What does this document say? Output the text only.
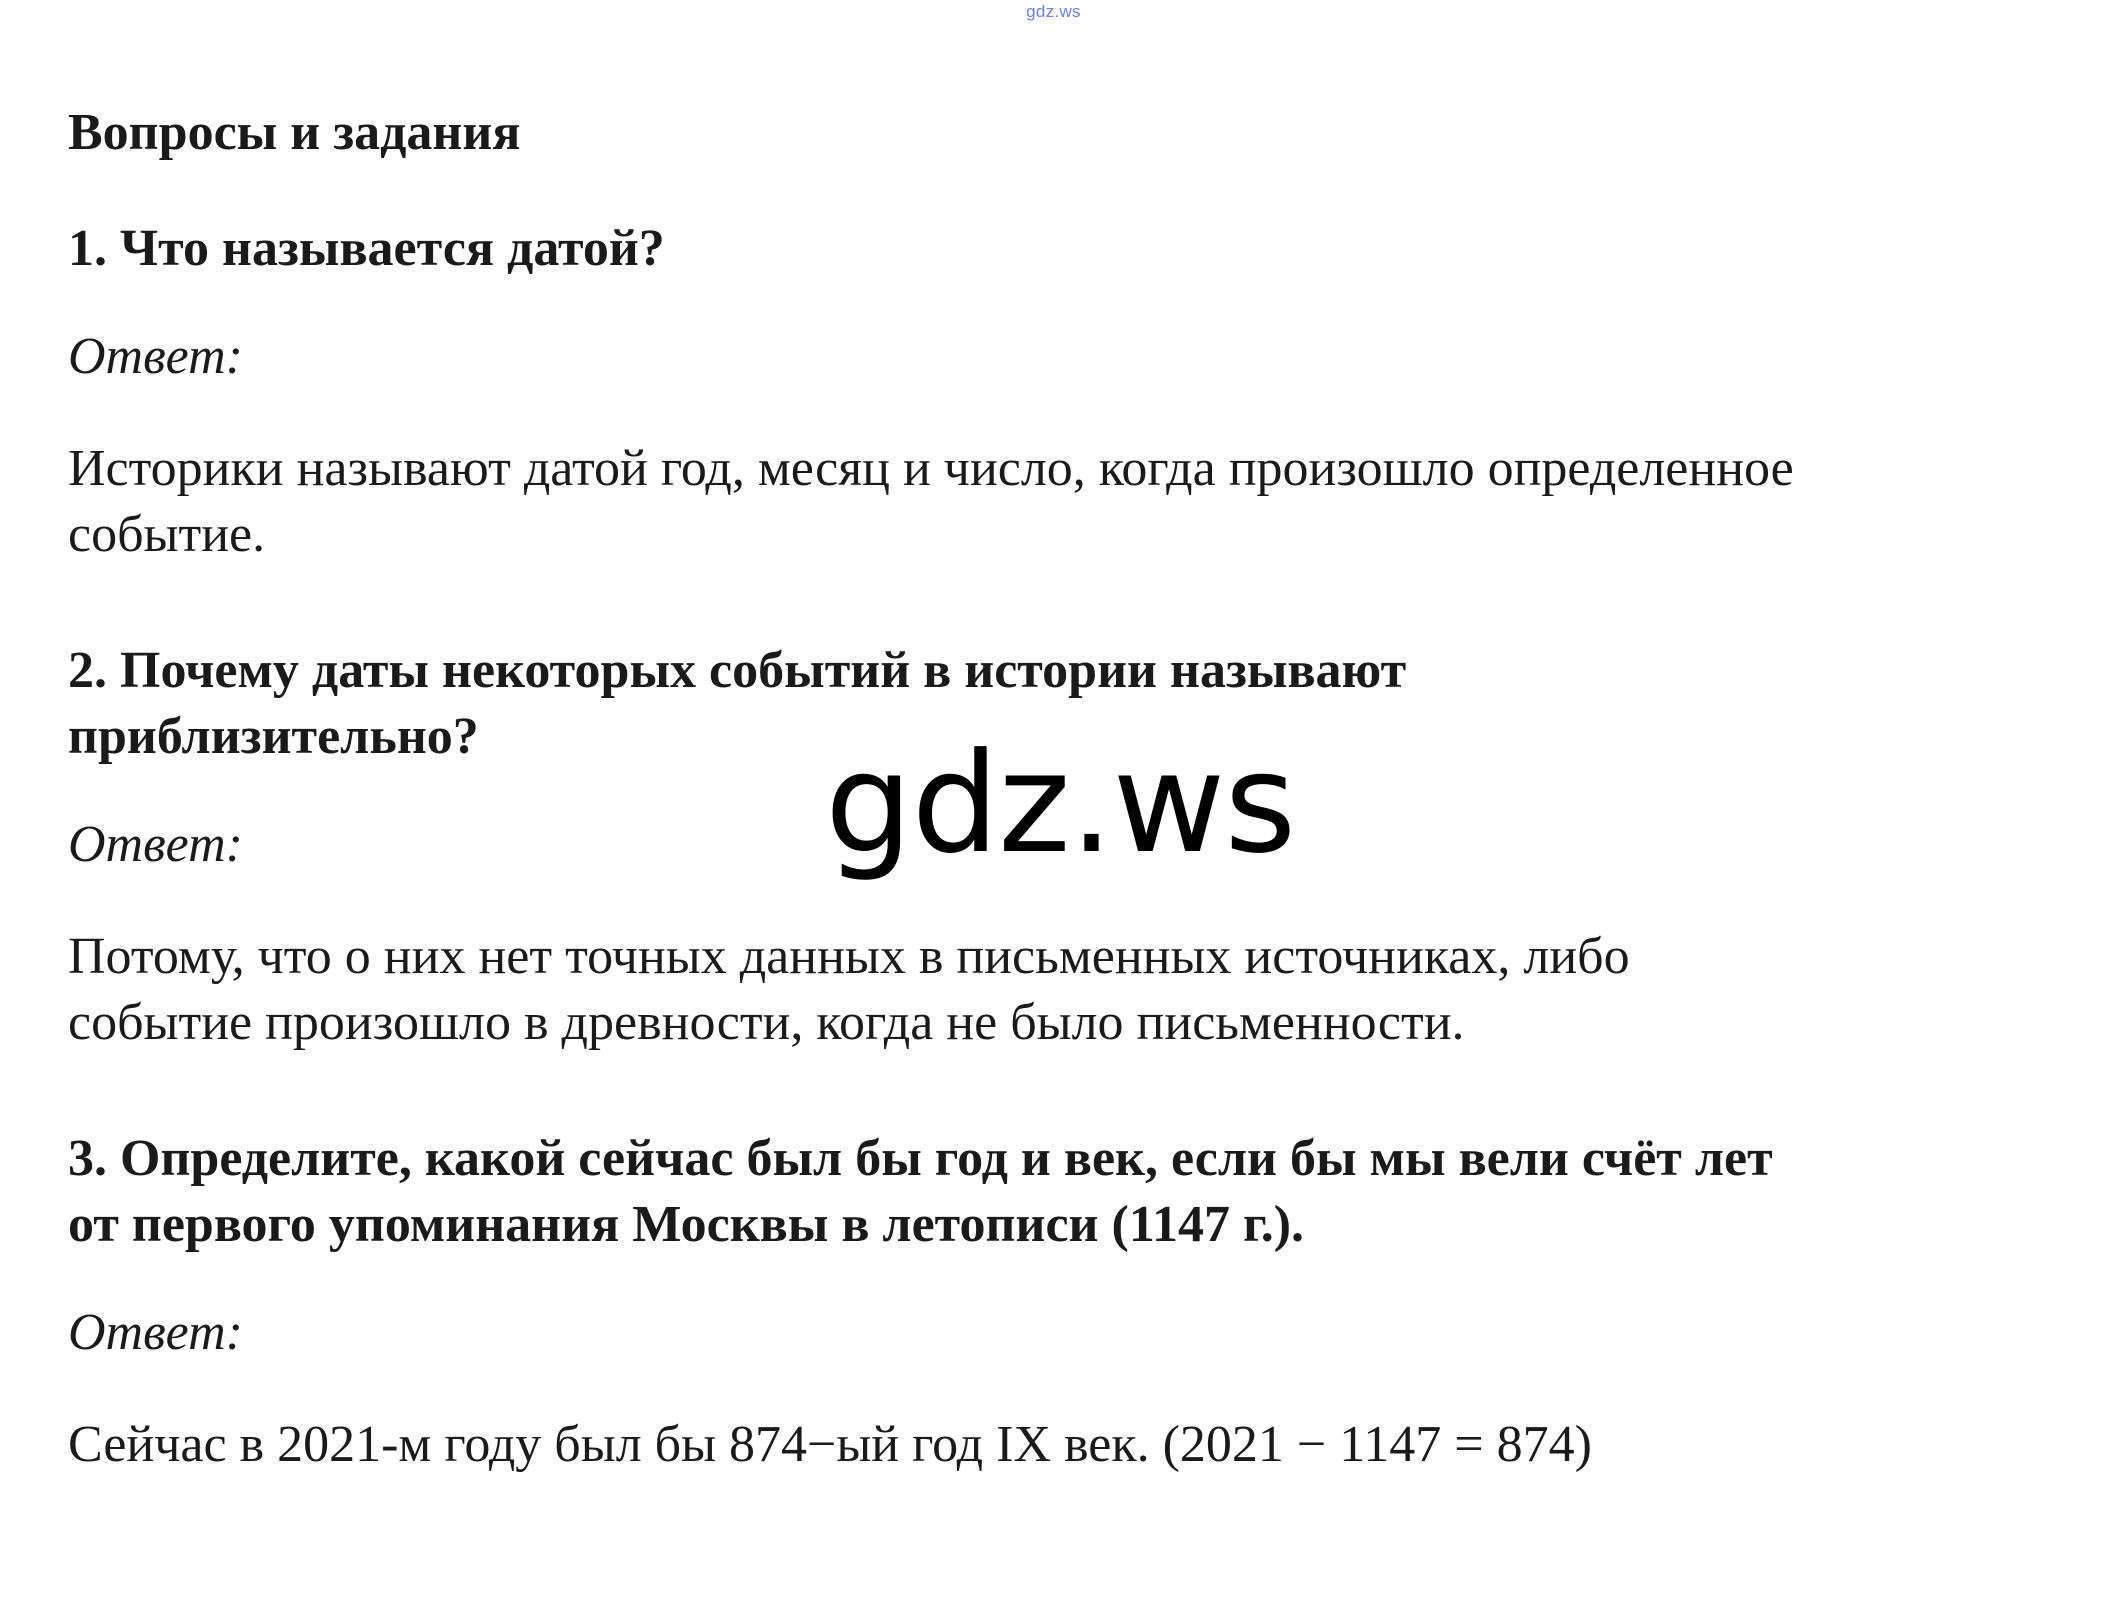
gdz.ws
Вопросы и задания
1. Что называется датой?
Ответ:
Историки называют датой год, месяц и число, когда произошло определенное
событие.
2. Почему даты некоторых событий в истории называют
приблизительно?
Ответ:
Потому, что о них нет точных данных в письменных источниках, либо
событие произошло в древности, когда не было письменности.
3. Определите, какой сейчас был бы год и век, если бы мы вели счёт лет
от первого упоминания Москвы в летописи (1147 г.).
Ответ:
Сейчас в 2021-м году был бы 874−ый год IX век. (2021 − 1147 = 874)
gdz.ws
